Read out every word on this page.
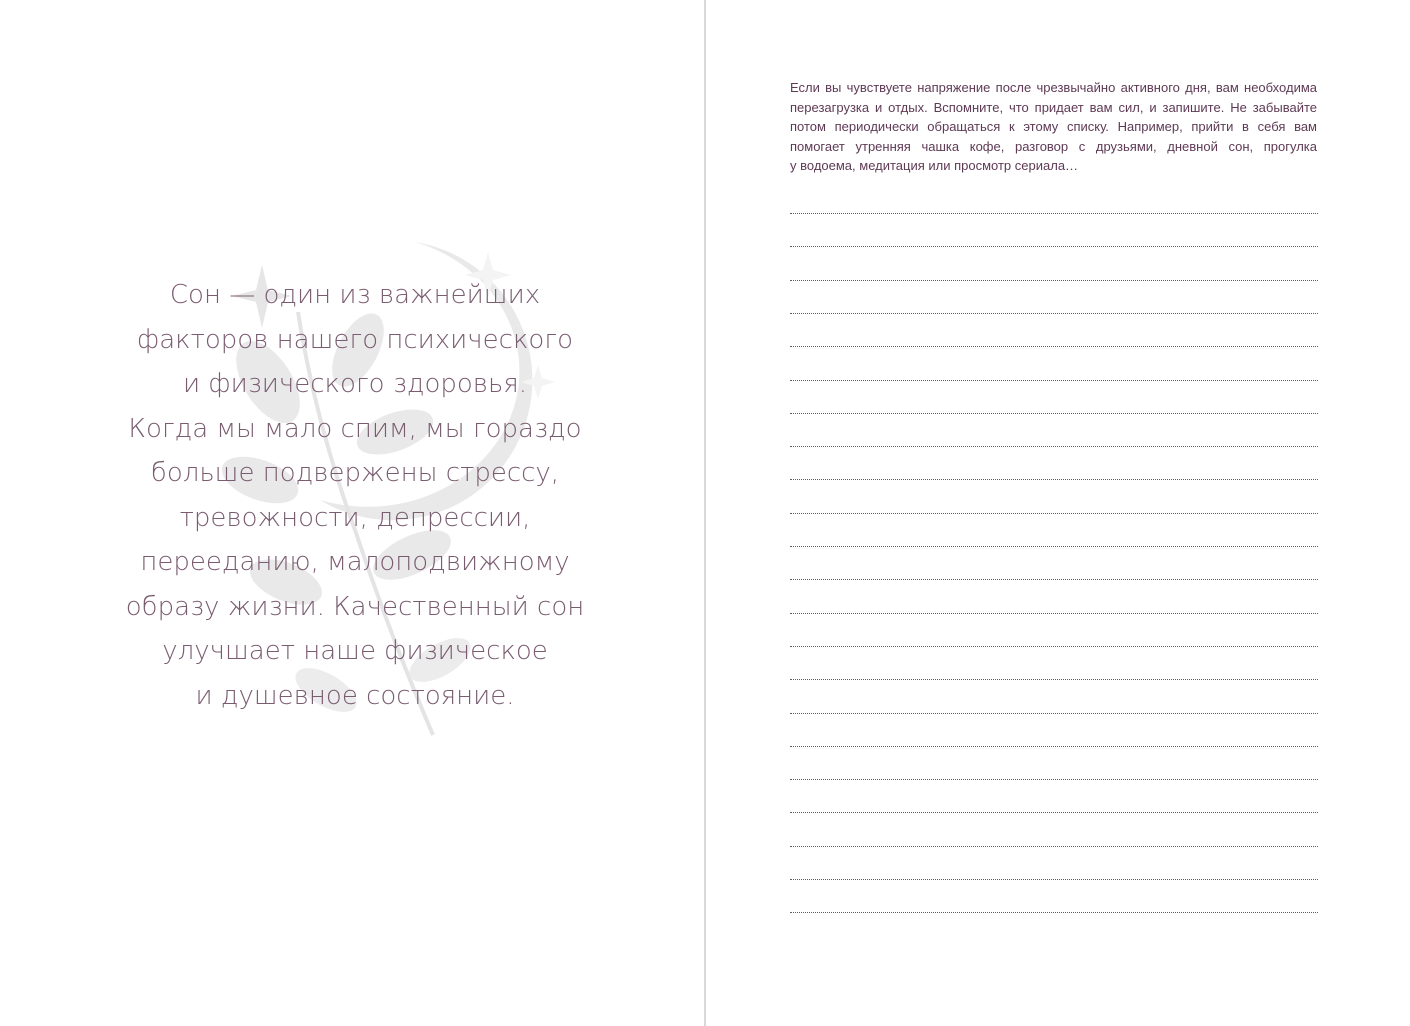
Сон — один из важнейших
факторов нашего психического
и физического здоровья.
Когда мы мало спим, мы гораздо
больше подвержены стрессу,
тревожности, депрессии,
перееданию, малоподвижному
образу жизни. Качественный сон
улучшает наше физическое
и душевное состояние.

Если вы чувствуете напряжение после чрезвычайно активного дня, вам необходима
перезагрузка и отдых. Вспомните, что придает вам сил, и запишите. Не забывайте
потом периодически обращаться к этому списку. Например, прийти в себя вам
помогает утренняя чашка кофе, разговор с друзьями, дневной сон, прогулка
у водоема, медитация или просмотр сериала…
